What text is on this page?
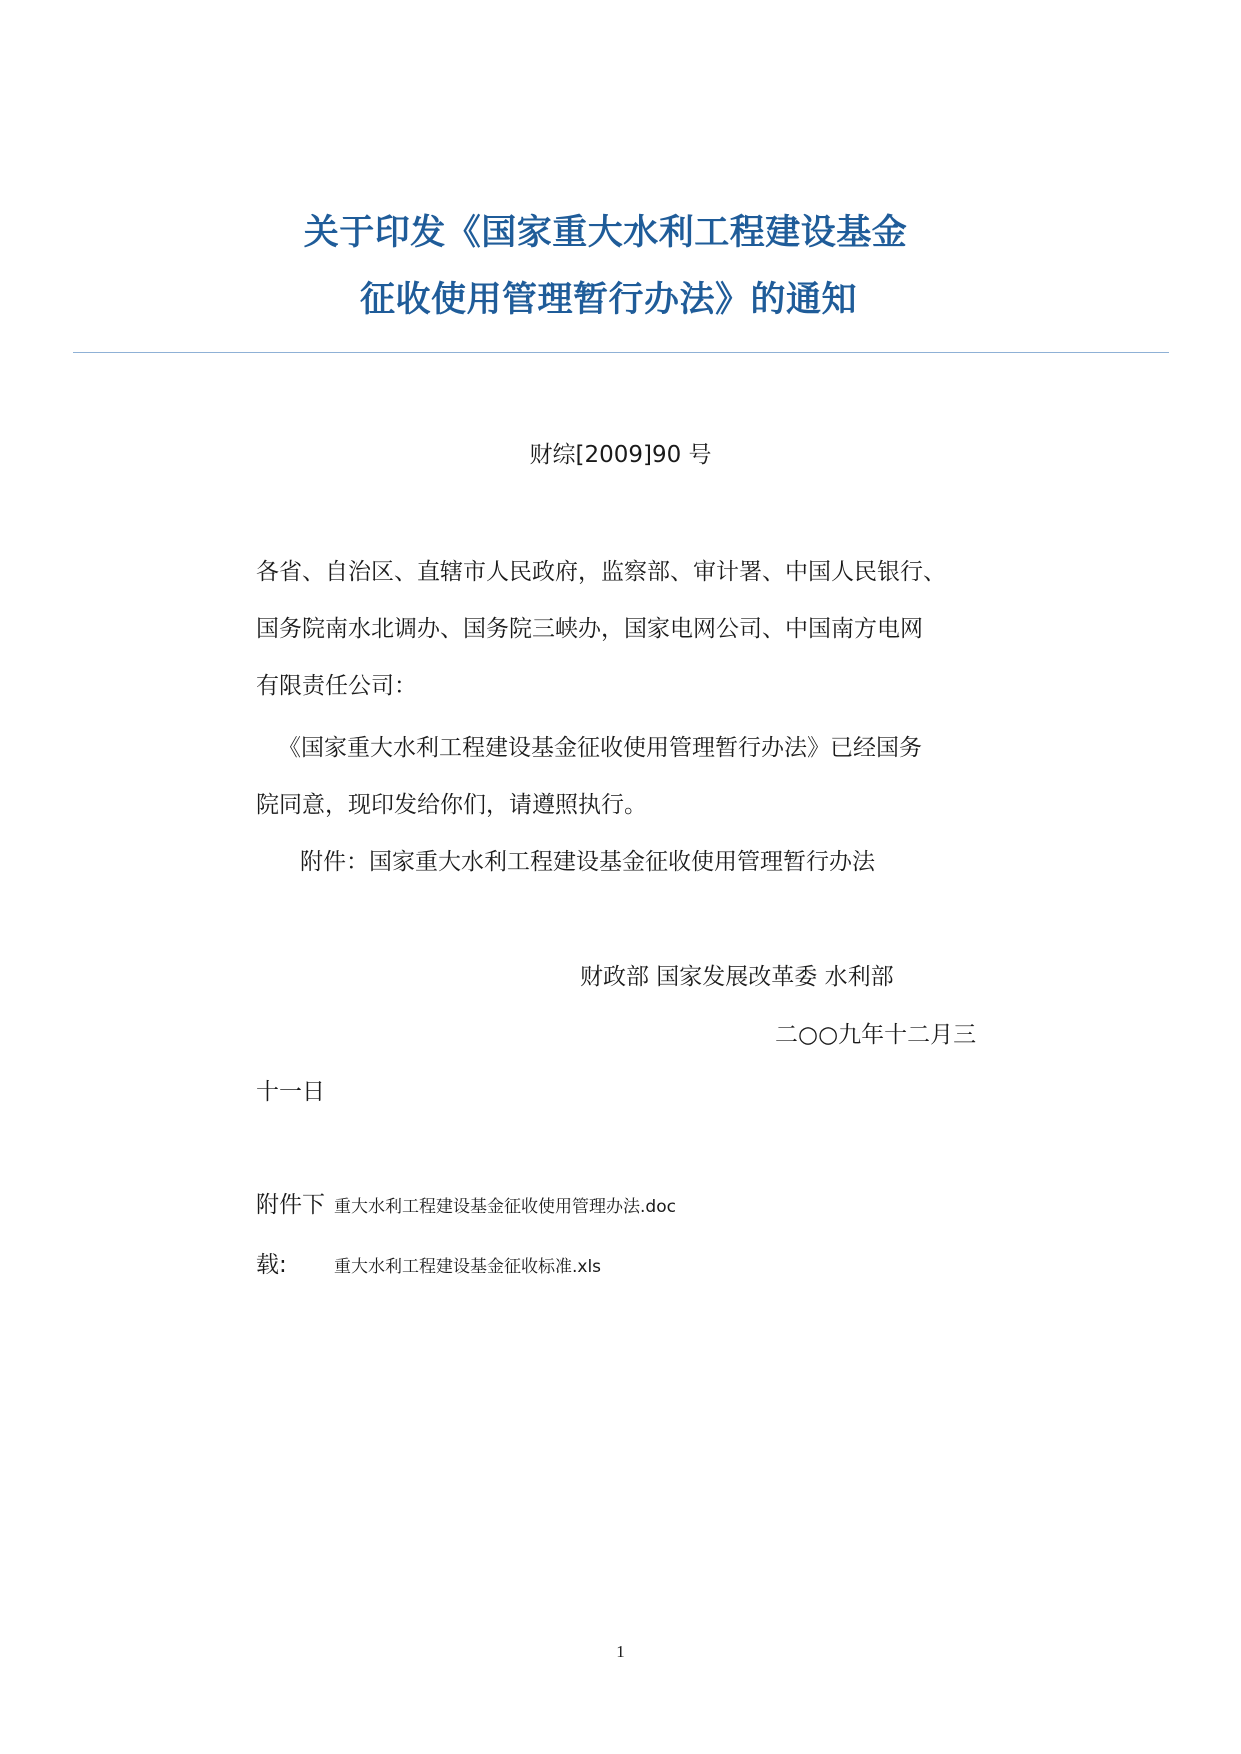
关于印发《国家重大水利工程建设基金
征收使用管理暂行办法》的通知
财综[2009]90 号
各省、自治区、直辖市人民政府，监察部、审计署、中国人民银行、
国务院南水北调办、国务院三峡办，国家电网公司、中国南方电网
有限责任公司：
《国家重大水利工程建设基金征收使用管理暂行办法》已经国务
院同意，现印发给你们，请遵照执行。
附件：国家重大水利工程建设基金征收使用管理暂行办法
财政部 国家发展改革委 水利部
二○○九年十二月三
十一日
附件下 重大水利工程建设基金征收使用管理办法.doc
载:	重大水利工程建设基金征收标准.xls
1
